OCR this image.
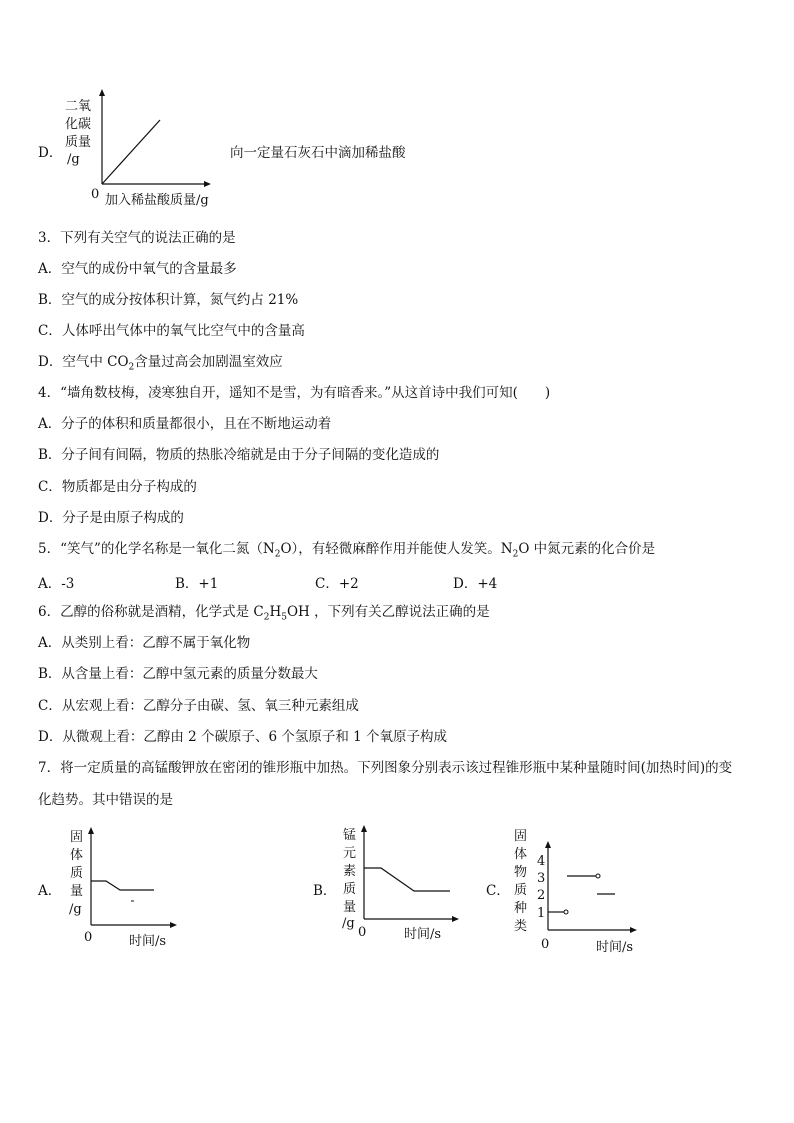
D．
二氧
化碳
质量
/g
0 加入稀盐酸质量/g
向一定量石灰石中滴加稀盐酸
3．下列有关空气的说法正确的是
A．空气的成份中氧气的含量最多
B．空气的成分按体积计算，氮气约占 21%
C．人体呼出气体中的氧气比空气中的含量高
D．空气中 $CO_2$含量过高会加剧温室效应
4．“墙角数枝梅，凌寒独自开，遥知不是雪，为有暗香来。”从这首诗中我们可知(　　)
A．分子的体积和质量都很小，且在不断地运动着
B．分子间有间隔，物质的热胀冷缩就是由于分子间隔的变化造成的
C．物质都是由分子构成的
D．分子是由原子构成的
5．“笑气”的化学名称是一氧化二氮$(N_2O)$，有轻微麻醉作用并能使人发笑。$N_2O$ 中氮元素的化合价是
A．-3	B．+1	C．+2	D．+4
6．乙醇的俗称就是酒精，化学式是 $C_2H_5OH$ ，下列有关乙醇说法正确的是
A．从类别上看：乙醇不属于氧化物
B．从含量上看：乙醇中氢元素的质量分数最大
C．从宏观上看：乙醇分子由碳、氢、氧三种元素组成
D．从微观上看：乙醇由 2 个碳原子、6 个氢原子和 1 个氧原子构成
7．将一定质量的高锰酸钾放在密闭的锥形瓶中加热。下列图象分别表示该过程锥形瓶中某种量随时间(加热时间)的变
化趋势。其中错误的是
A．
固
体
质
量
/g
0	时间/s
B．
锰
元
素
质
量
/g
0	时间/s
C．
固
体
物
质
种
类
1
2
3
4
0	时间/s
